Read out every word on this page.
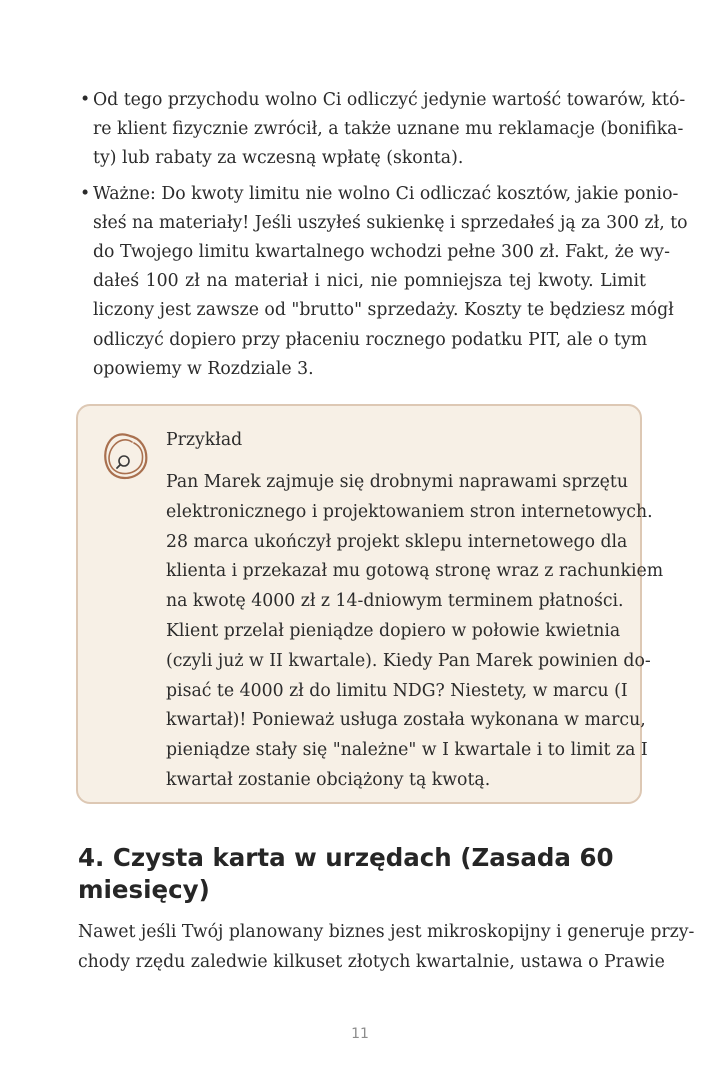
• Od tego przychodu wolno Ci odliczyć jedynie wartość towarów, któ-
re klient fizycznie zwrócił, a także uznane mu reklamacje (bonifika-
ty) lub rabaty za wczesną wpłatę (skonta).
• Ważne: Do kwoty limitu nie wolno Ci odliczać kosztów, jakie ponio-
słeś na materiały! Jeśli uszyłeś sukienkę i sprzedałeś ją za 300 zł, to
do Twojego limitu kwartalnego wchodzi pełne 300 zł. Fakt, że wy-
dałeś 100 zł na materiał i nici, nie pomniejsza tej kwoty. Limit
liczony jest zawsze od "brutto" sprzedaży. Koszty te będziesz mógł
odliczyć dopiero przy płaceniu rocznego podatku PIT, ale o tym
opowiemy w Rozdziale 3.
Przykład
Pan Marek zajmuje się drobnymi naprawami sprzętu
elektronicznego i projektowaniem stron internetowych.
28 marca ukończył projekt sklepu internetowego dla
klienta i przekazał mu gotową stronę wraz z rachunkiem
na kwotę 4000 zł z 14-dniowym terminem płatności.
Klient przelał pieniądze dopiero w połowie kwietnia
(czyli już w II kwartale). Kiedy Pan Marek powinien do-
pisać te 4000 zł do limitu NDG? Niestety, w marcu (I
kwartał)! Ponieważ usługa została wykonana w marcu,
pieniądze stały się "należne" w I kwartale i to limit za I
kwartał zostanie obciążony tą kwotą.
4. Czysta karta w urzędach (Zasada 60
miesięcy)
Nawet jeśli Twój planowany biznes jest mikroskopijny i generuje przy-
chody rzędu zaledwie kilkuset złotych kwartalnie, ustawa o Prawie
11
